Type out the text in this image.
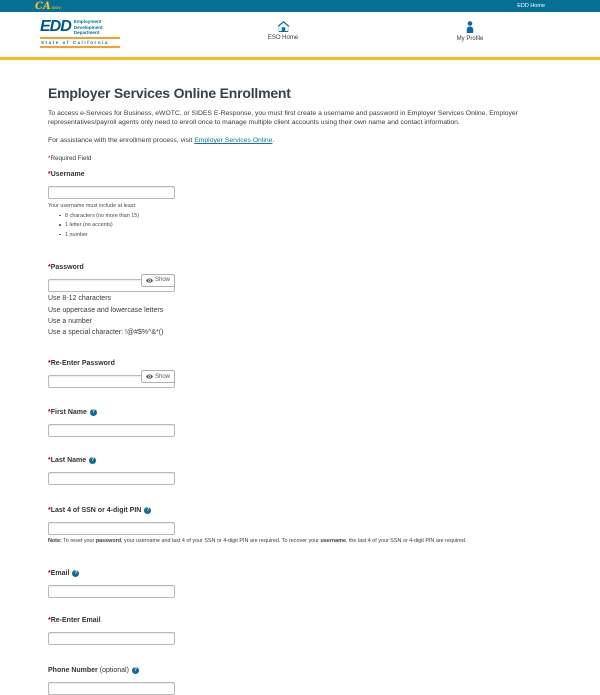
CA GOV	EDD Home
EDD Employment
Development
Department
State of California
ESO Home	My Profile
Employer Services Online Enrollment

To access e-Services for Business, eWOTC, or SIDES E-Response, you must first create a username and password in Employer Services Online. Employer representatives/payroll agents only need to enroll once to manage multiple client accounts using their own name and contact information.

For assistance with the enrollment process, visit Employer Services Online.

*Required Field

*Username
Your username must include at least:
8 characters (no more than 15)
1 letter (no accents)
1 number
*Password
Show
Use 8-12 characters
Use uppercase and lowercase letters
Use a number
Use a special character: !@#$%^&*()
*Re-Enter Password
Show
*First Name ?
*Last Name ?
*Last 4 of SSN or 4-digit PIN ?
Note: To reset your password, your username and last 4 of your SSN or 4-digit PIN are required. To recover your username, the last 4 of your SSN or 4-digit PIN are required.
*Email ?
*Re-Enter Email
Phone Number (optional) ?
